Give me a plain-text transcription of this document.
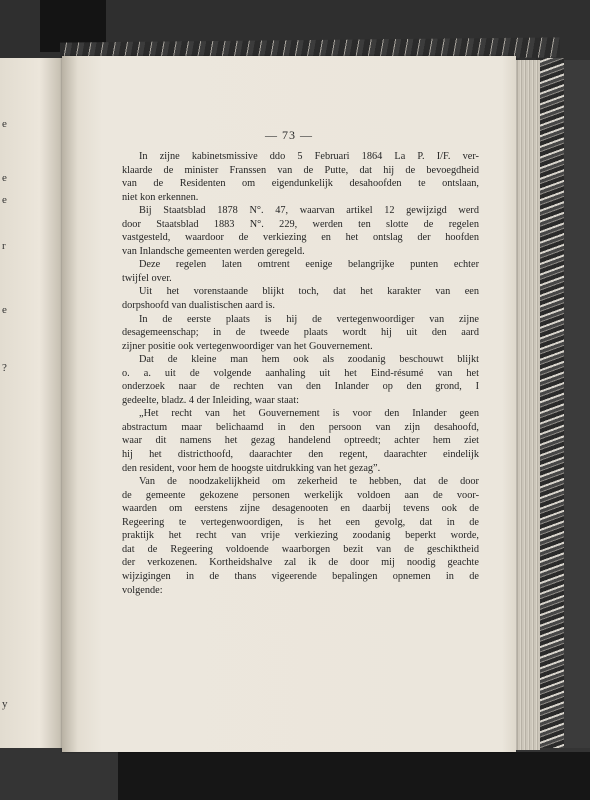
e
e
e
r
e
?
y
— 73 —
In zijne kabinetsmissive ddo 5 Februari 1864 La P. I/F. ver-
klaarde de minister Franssen van de Putte, dat hij de bevoegdheid
van de Residenten om eigendunkelijk desahoofden te ontslaan,
niet kon erkennen.
Bij Staatsblad 1878 N°. 47, waarvan artikel 12 gewijzigd werd
door Staatsblad 1883 N°. 229, werden ten slotte de regelen
vastgesteld, waardoor de verkiezing en het ontslag der hoofden
van Inlandsche gemeenten werden geregeld.
Deze regelen laten omtrent eenige belangrijke punten echter
twijfel over.
Uit het vorenstaande blijkt toch, dat het karakter van een
dorpshoofd van dualistischen aard is.
In de eerste plaats is hij de vertegenwoordiger van zijne
desagemeenschap; in de tweede plaats wordt hij uit den aard
zijner positie ook vertegenwoordiger van het Gouvernement.
Dat de kleine man hem ook als zoodanig beschouwt blijkt
o. a. uit de volgende aanhaling uit het Eind-résumé van het
onderzoek naar de rechten van den Inlander op den grond, I
gedeelte, bladz. 4 der Inleiding, waar staat:
„Het recht van het Gouvernement is voor den Inlander geen
abstractum maar belichaamd in den persoon van zijn desahoofd,
waar dit namens het gezag handelend optreedt; achter hem ziet
hij het districthoofd, daarachter den regent, daarachter eindelijk
den resident, voor hem de hoogste uitdrukking van het gezag”.
Van de noodzakelijkheid om zekerheid te hebben, dat de door
de gemeente gekozene personen werkelijk voldoen aan de voor-
waarden om eerstens zijne desagenooten en daarbij tevens ook de
Regeering te vertegenwoordigen, is het een gevolg, dat in de
praktijk het recht van vrije verkiezing zoodanig beperkt worde,
dat de Regeering voldoende waarborgen bezit van de geschiktheid
der verkozenen. Kortheidshalve zal ik de door mij noodig geachte
wijzigingen in de thans vigeerende bepalingen opnemen in de
volgende:
